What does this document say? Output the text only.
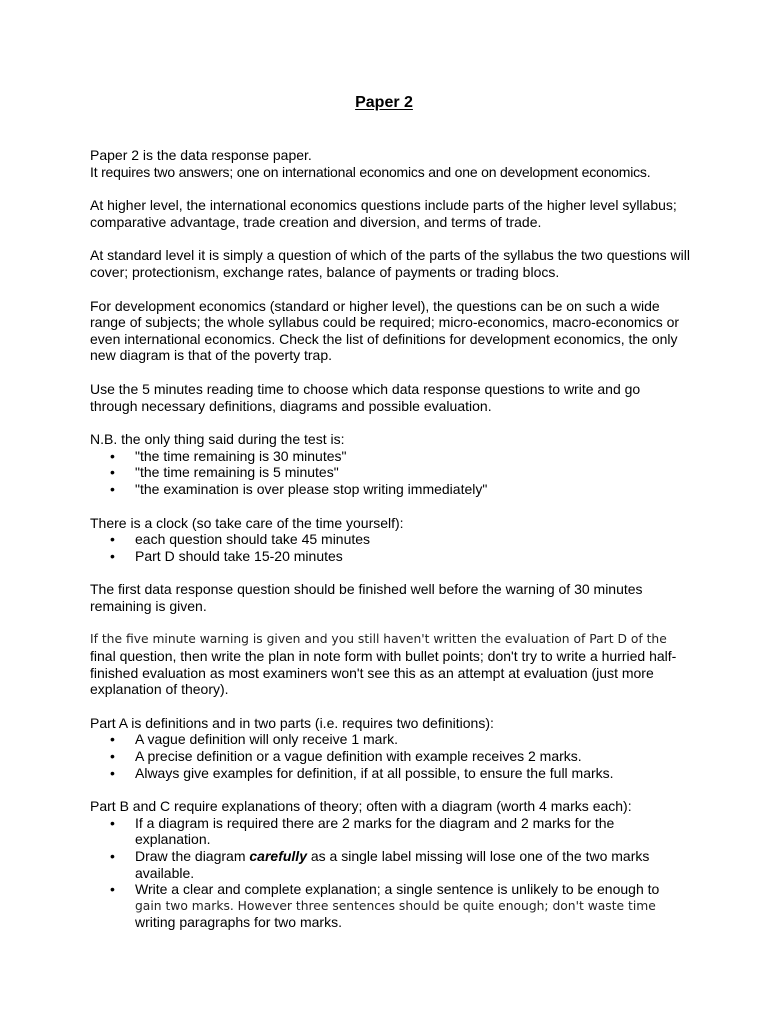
Paper 2

Paper 2 is the data response paper.
It requires two answers; one on international economics and one on development economics.

At higher level, the international economics questions include parts of the higher level syllabus; comparative advantage, trade creation and diversion, and terms of trade.

At standard level it is simply a question of which of the parts of the syllabus the two questions will cover; protectionism, exchange rates, balance of payments or trading blocs.

For development economics (standard or higher level), the questions can be on such a wide range of subjects; the whole syllabus could be required; micro-economics, macro-economics or even international economics. Check the list of definitions for development economics, the only new diagram is that of the poverty trap.

Use the 5 minutes reading time to choose which data response questions to write and go through necessary definitions, diagrams and possible evaluation.

N.B. the only thing said during the test is:

• "the time remaining is 30 minutes"
• "the time remaining is 5 minutes"
• "the examination is over please stop writing immediately"

There is a clock (so take care of the time yourself):

• each question should take 45 minutes
• Part D should take 15-20 minutes

The first data response question should be finished well before the warning of 30 minutes remaining is given.

If the five minute warning is given and you still haven't written the evaluation of Part D of the
final question, then write the plan in note form with bullet points; don't try to write a hurried half-
finished evaluation as most examiners won't see this as an attempt at evaluation (just more
explanation of theory).

Part A is definitions and in two parts (i.e. requires two definitions):

• A vague definition will only receive 1 mark.
• A precise definition or a vague definition with example receives 2 marks.
• Always give examples for definition, if at all possible, to ensure the full marks.

Part B and C require explanations of theory; often with a diagram (worth 4 marks each):

• If a diagram is required there are 2 marks for the diagram and 2 marks for the explanation.
• Draw the diagram carefully as a single label missing will lose one of the two marks available.
• Write a clear and complete explanation; a single sentence is unlikely to be enough to
gain two marks. However three sentences should be quite enough; don't waste time
writing paragraphs for two marks.
